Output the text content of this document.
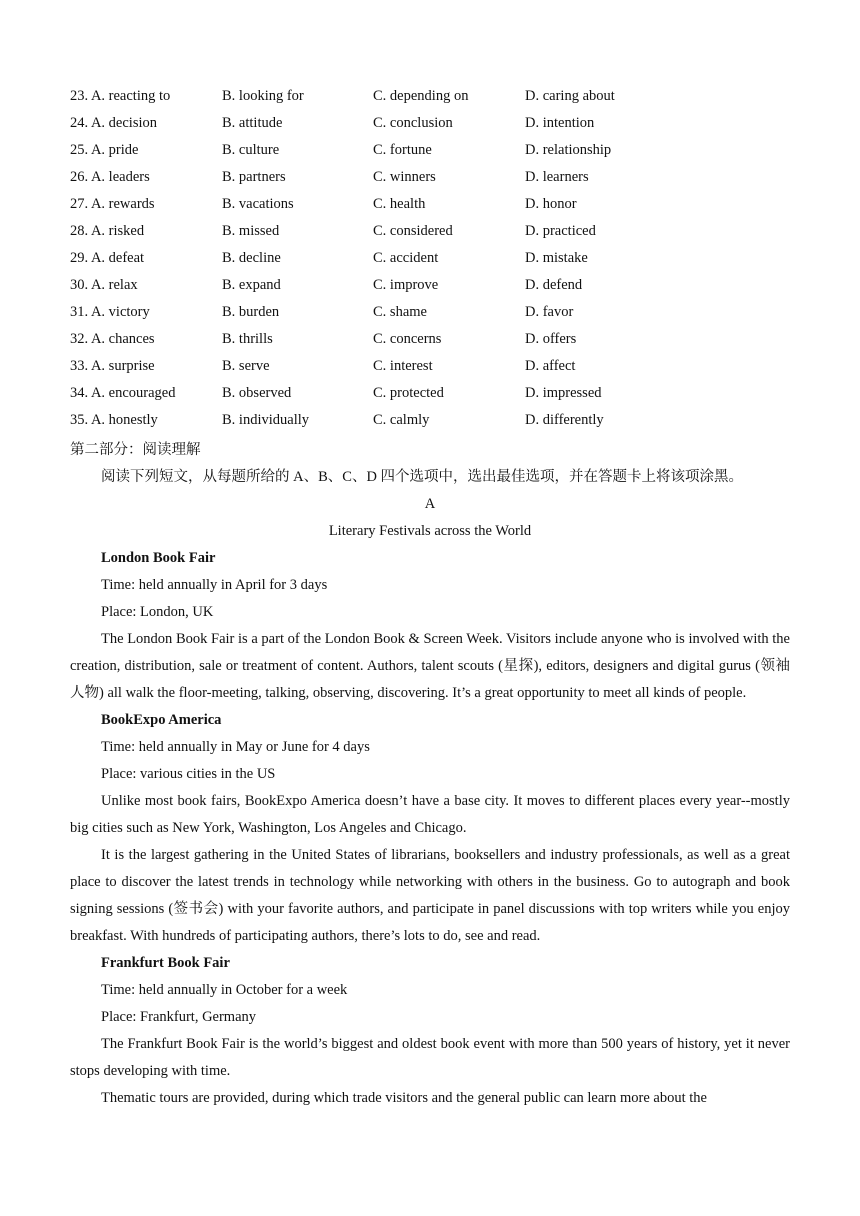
23. A. reacting to	B. looking for	C. depending on	D. caring about
24. A. decision	B. attitude	C. conclusion	D. intention
25. A. pride	B. culture	C. fortune	D. relationship
26. A. leaders	B. partners	C. winners	D. learners
27. A. rewards	B. vacations	C. health	D. honor
28. A. risked	B. missed	C. considered	D. practiced
29. A. defeat	B. decline	C. accident	D. mistake
30. A. relax	B. expand	C. improve	D. defend
31. A. victory	B. burden	C. shame	D. favor
32. A. chances	B. thrills	C. concerns	D. offers
33. A. surprise	B. serve	C. interest	D. affect
34. A. encouraged	B. observed	C. protected	D. impressed
35. A. honestly	B. individually	C. calmly	D. differently

第二部分：阅读理解

阅读下列短文，从每题所给的 A、B、C、D 四个选项中，选出最佳选项，并在答题卡上将该项涂黑。

A

Literary Festivals across the World

London Book Fair

Time: held annually in April for 3 days

Place: London, UK

The London Book Fair is a part of the London Book & Screen Week. Visitors include anyone who is involved with the creation, distribution, sale or treatment of content. Authors, talent scouts (星探), editors, designers and digital gurus (领袖人物) all walk the floor-meeting, talking, observing, discovering. It’s a great opportunity to meet all kinds of people.

BookExpo America

Time: held annually in May or June for 4 days

Place: various cities in the US

Unlike most book fairs, BookExpo America doesn’t have a base city. It moves to different places every year--mostly big cities such as New York, Washington, Los Angeles and Chicago.

It is the largest gathering in the United States of librarians, booksellers and industry professionals, as well as a great place to discover the latest trends in technology while networking with others in the business. Go to autograph and book signing sessions (签书会) with your favorite authors, and participate in panel discussions with top writers while you enjoy breakfast. With hundreds of participating authors, there’s lots to do, see and read.

Frankfurt Book Fair

Time: held annually in October for a week

Place: Frankfurt, Germany

The Frankfurt Book Fair is the world’s biggest and oldest book event with more than 500 years of history, yet it never stops developing with time.

Thematic tours are provided, during which trade visitors and the general public can learn more about the
